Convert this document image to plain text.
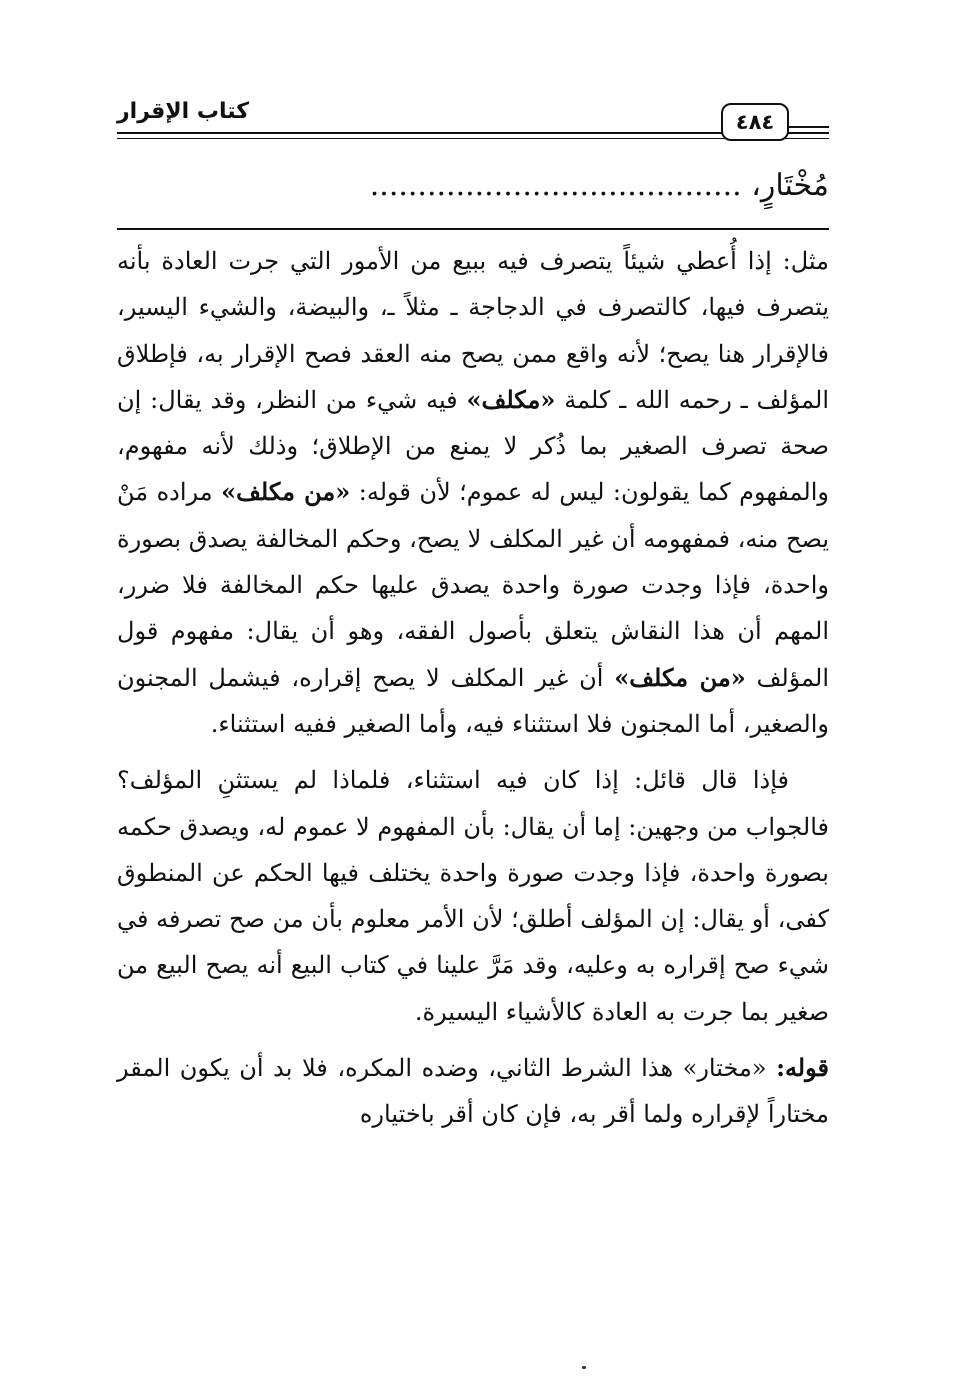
كتاب الإقرار	٤٨٤
مُخْتَارٍ، .......................................

مثل: إذا أُعطي شيئاً يتصرف فيه ببيع من الأمور التي جرت العادة بأنه يتصرف فيها، كالتصرف في الدجاجة ـ مثلاً ـ، والبيضة، والشيء اليسير، فالإقرار هنا يصح؛ لأنه واقع ممن يصح منه العقد فصح الإقرار به، فإطلاق المؤلف ـ رحمه الله ـ كلمة «مكلف» فيه شيء من النظر، وقد يقال: إن صحة تصرف الصغير بما ذُكر لا يمنع من الإطلاق؛ وذلك لأنه مفهوم، والمفهوم كما يقولون: ليس له عموم؛ لأن قوله: «من مكلف» مراده مَنْ يصح منه، فمفهومه أن غير المكلف لا يصح، وحكم المخالفة يصدق بصورة واحدة، فإذا وجدت صورة واحدة يصدق عليها حكم المخالفة فلا ضرر، المهم أن هذا النقاش يتعلق بأصول الفقه، وهو أن يقال: مفهوم قول المؤلف «من مكلف» أن غير المكلف لا يصح إقراره، فيشمل المجنون والصغير، أما المجنون فلا استثناء فيه، وأما الصغير ففيه استثناء.

فإذا قال قائل: إذا كان فيه استثناء، فلماذا لم يستثنِ المؤلف؟ فالجواب من وجهين: إما أن يقال: بأن المفهوم لا عموم له، ويصدق حكمه بصورة واحدة، فإذا وجدت صورة واحدة يختلف فيها الحكم عن المنطوق كفى، أو يقال: إن المؤلف أطلق؛ لأن الأمر معلوم بأن من صح تصرفه في شيء صح إقراره به وعليه، وقد مَرَّ علينا في كتاب البيع أنه يصح البيع من صغير بما جرت به العادة كالأشياء اليسيرة.

قوله: «مختار» هذا الشرط الثاني، وضده المكره، فلا بد أن يكون المقر مختاراً لإقراره ولما أقر به، فإن كان أقر باختياره
